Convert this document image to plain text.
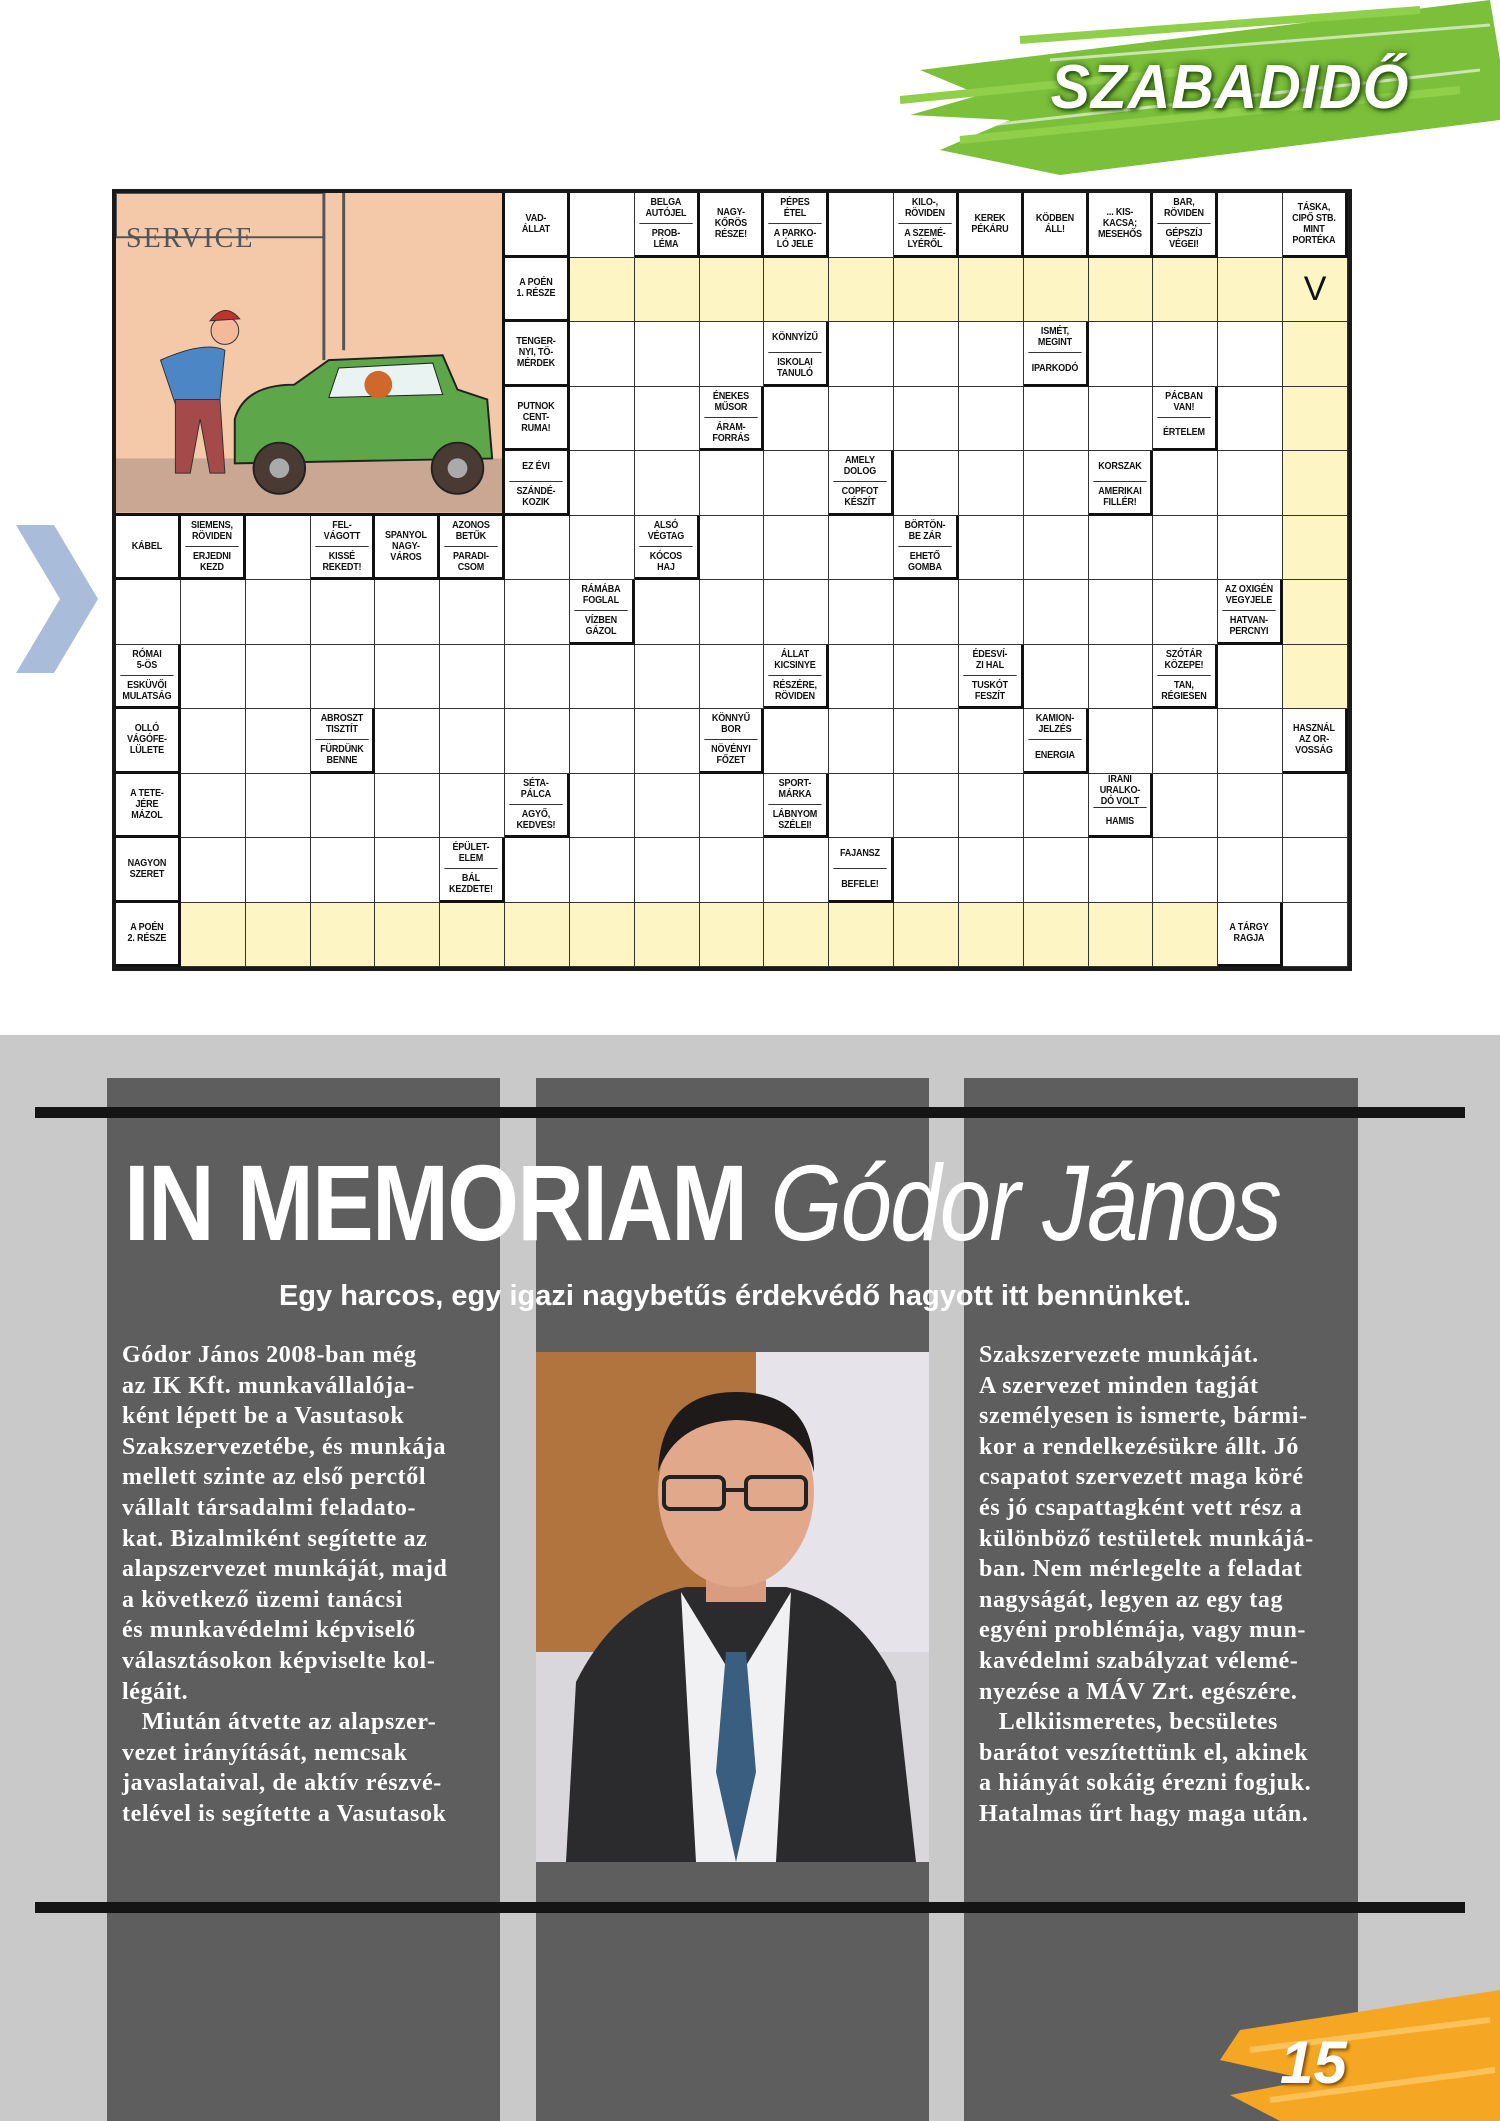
SZABADIDŐ
SERVICE
VAD-
ÁLLAT
BELGA
AUTÓJEL
PROB-
LÉMA
NAGY-
KŐRÖS
RÉSZE!
PÉPES
ÉTEL
A PARKO-
LÓ JELE
KILO-,
RÖVIDEN
A SZEMÉ-
LYÉRŐL
KEREK
PÉKÁRU
KÖDBEN
ÁLL!
... KIS-
KACSA;
MESEHŐS
BAR,
RÖVIDEN
GÉPSZÍJ
VÉGEI!
TÁSKA,
CIPŐ STB.
MINT
PORTÉKA
A POÉN
1. RÉSZE	V
TENGER-
NYI, TÖ-
MÉRDEK
KÖNNYÍZŰ
ISKOLAI
TANULÓ
ISMÉT,
MEGINT
IPARKODÓ
PUTNOK
CENT-
RUMA!
ÉNEKES
MŰSOR
ÁRAM-
FORRÁS
PÁCBAN
VAN!
ÉRTELEM
EZ ÉVI
SZÁNDÉ-
KOZIK
AMELY
DOLOG
COPFOT
KÉSZÍT
KORSZAK
AMERIKAI
FILLÉR!
KÁBEL
SIEMENS,
RÖVIDEN
ERJEDNI
KEZD
FEL-
VÁGOTT
KISSÉ
REKEDT!
SPANYOL
NAGY-
VÁROS
AZONOS
BETŰK
PARADI-
CSOM
ALSÓ
VÉGTAG
KÓCOS
HAJ
BÖRTÖN-
BE ZÁR
EHETŐ
GOMBA
RÁMÁBA
FOGLAL
VÍZBEN
GÁZOL
AZ OXIGÉN
VEGYJELE
HATVAN-
PERCNYI
RÓMAI
5-ÖS
ESKÜVŐI
MULATSÁG
ÁLLAT
KICSINYE
RÉSZÉRE,
RÖVIDEN
ÉDESVÍ-
ZI HAL
TUSKÓT
FESZÍT
SZÓTÁR
KÖZEPE!
TAN,
RÉGIESEN
OLLÓ
VÁGÓFE-
LÜLETE
ABROSZT
TISZTÍT
FÜRDÜNK
BENNE
KÖNNYŰ
BOR
NÖVÉNYI
FŐZET
KAMION-
JELZÉS
ENERGIA
HASZNÁL
AZ OR-
VOSSÁG
A TETE-
JÉRE
MÁZOL
SÉTA-
PÁLCA
AGYŐ,
KEDVES!
SPORT-
MÁRKA
LÁBNYOM
SZÉLEI!
IRÁNI
URALKO-
DÓ VOLT
HAMIS
NAGYON
SZERET
ÉPÜLET-
ELEM
BÁL
KEZDETE!
FAJANSZ
BEFELE!
A POÉN
2. RÉSZE
A TÁRGY
RAGJA
IN MEMORIAM Gódor János
Egy harcos, egy igazi nagybetűs érdekvédő hagyott itt bennünket.
Gódor János 2008-ban még
az IK Kft. munkavállalója-
ként lépett be a Vasutasok
Szakszervezetébe, és munkája
mellett szinte az első perctől
vállalt társadalmi feladato-
kat. Bizalmiként segítette az
alapszervezet munkáját, majd
a következő üzemi tanácsi
és munkavédelmi képviselő
választásokon képviselte kol-
légáit.
Miután átvette az alapszer-
vezet irányítását, nemcsak
javaslataival, de aktív részvé-
telével is segítette a Vasutasok
Szakszervezete munkáját.
A szervezet minden tagját
személyesen is ismerte, bármi-
kor a rendelkezésükre állt. Jó
csapatot szervezett maga köré
és jó csapattagként vett rész a
különböző testületek munkájá-
ban. Nem mérlegelte a feladat
nagyságát, legyen az egy tag
egyéni problémája, vagy mun-
kavédelmi szabályzat vélemé-
nyezése a MÁV Zrt. egészére.
Lelkiismeretes, becsületes
barátot veszítettünk el, akinek
a hiányát sokáig érezni fogjuk.
Hatalmas űrt hagy maga után.
15
